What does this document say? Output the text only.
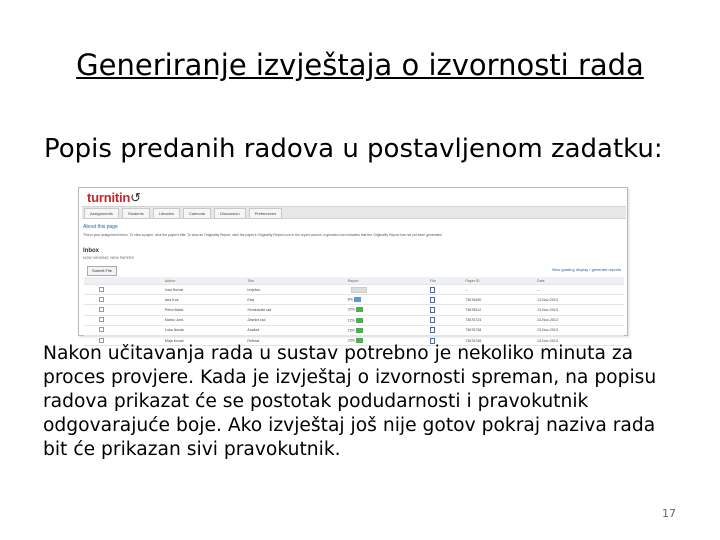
Generiranje izvještaja o izvornosti rada

Popis predanih radova u postavljenom zadatku:

turnitin↺
Assignments	Students	Libraries	Calendar	Discussion	Preferences
About this page
This is your assignment inbox. To view a paper, click the paper's title. To view an Originality Report, click the paper's Originality Report icon in the report column. A ghosted icon indicates that the Originality Report has not yet been generated.
Inbox
NOW VIEWING: NEW PAPERS
Submit File	View grading display / generate reports
	Author	Title	Report	File	Paper ID	Date
	Ivan Horvat	Izvješće			--	--
	Ana Kos	Esej	8%		73676490	13-Nov-2013
	Petra Babić	Seminarski rad	22%		73676512	13-Nov-2013
	Marko Jurić	Završni rad	12%		73676724	13-Nov-2013
	Luka Novak	Analiza	15%		73676738	13-Nov-2013
	Maja Kovač	Referat	23%		73676746	13-Nov-2013

Nakon učitavanja rada u sustav potrebno je nekoliko minuta za
proces provjere. Kada je izvještaj o izvornosti spreman, na popisu
radova prikazat će se postotak podudarnosti i pravokutnik
odgovarajuće boje. Ako izvještaj još nije gotov pokraj naziva rada
bit će prikazan sivi pravokutnik.

17
